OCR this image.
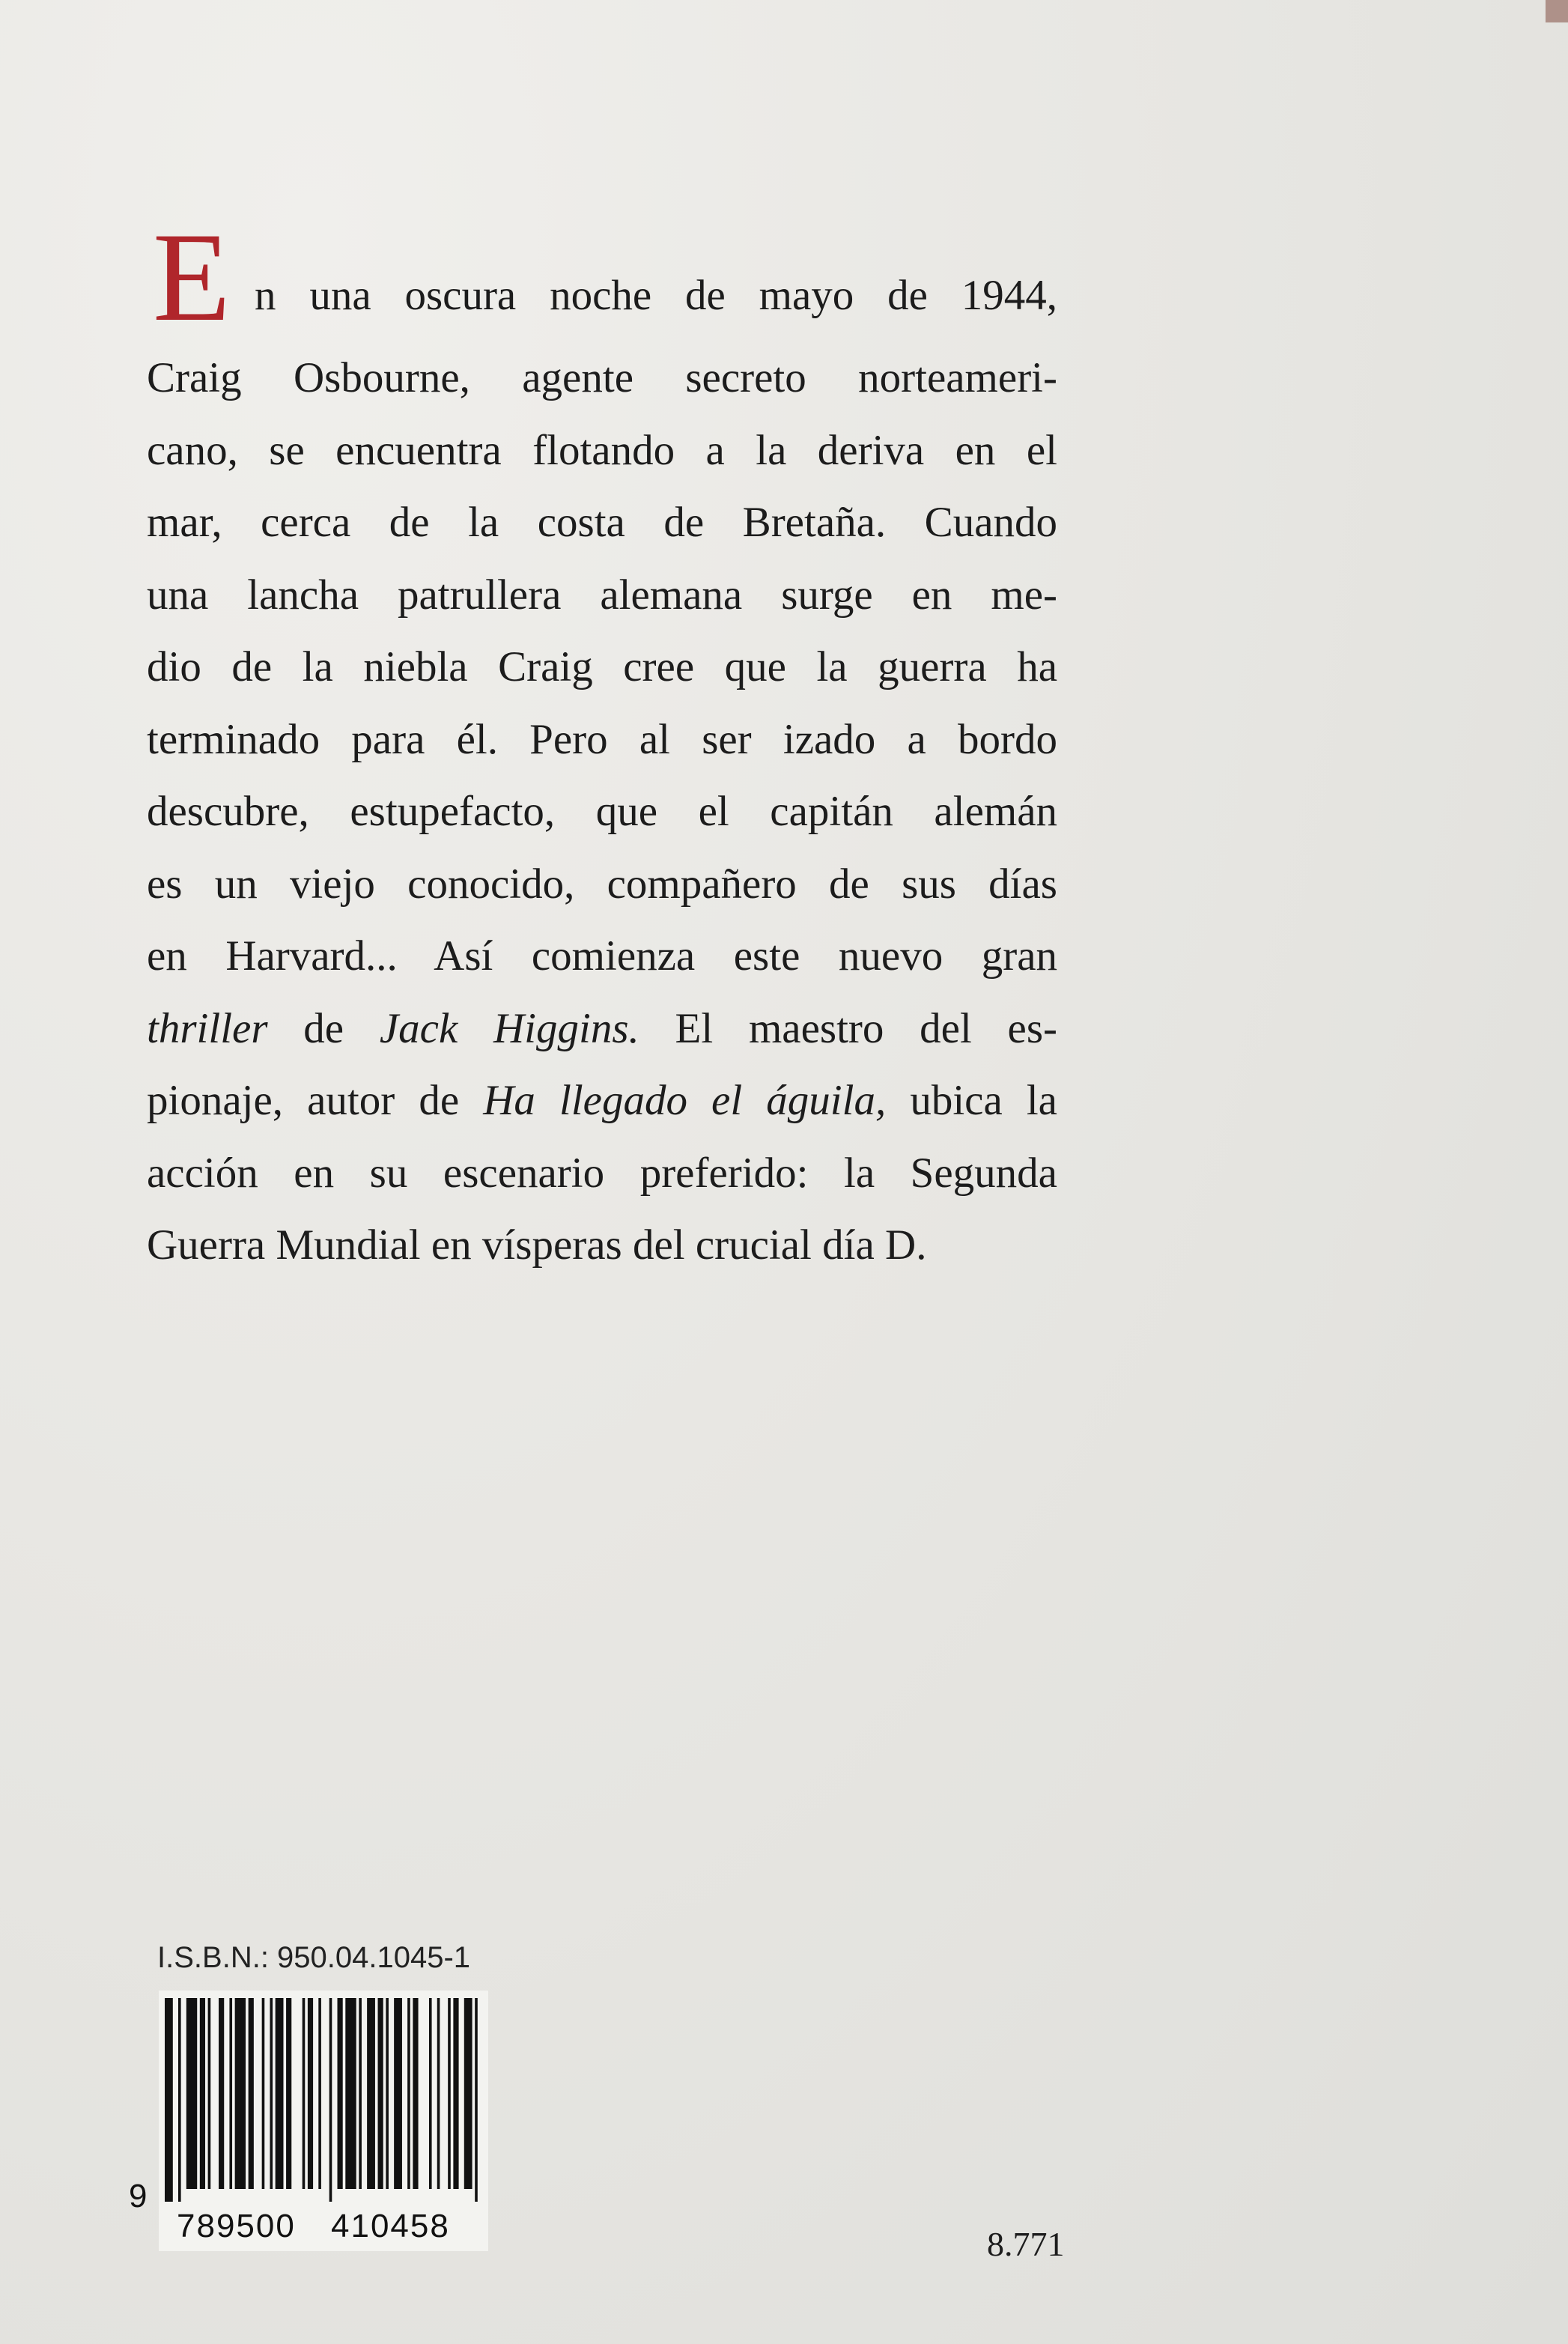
E n una oscura noche de mayo de 1944,
Craig Osbourne, agente secreto norteameri-
cano, se encuentra flotando a la deriva en el
mar, cerca de la costa de Bretaña. Cuando
una lancha patrullera alemana surge en me-
dio de la niebla Craig cree que la guerra ha
terminado para él. Pero al ser izado a bordo
descubre, estupefacto, que el capitán alemán
es un viejo conocido, compañero de sus días
en Harvard... Así comienza este nuevo gran
thriller de Jack Higgins. El maestro del es-
pionaje, autor de Ha llegado el águila, ubica la
acción en su escenario preferido: la Segunda
Guerra Mundial en vísperas del crucial día D.
I.S.B.N.: 950.04.1045-1
9
789500 410458	8.771
